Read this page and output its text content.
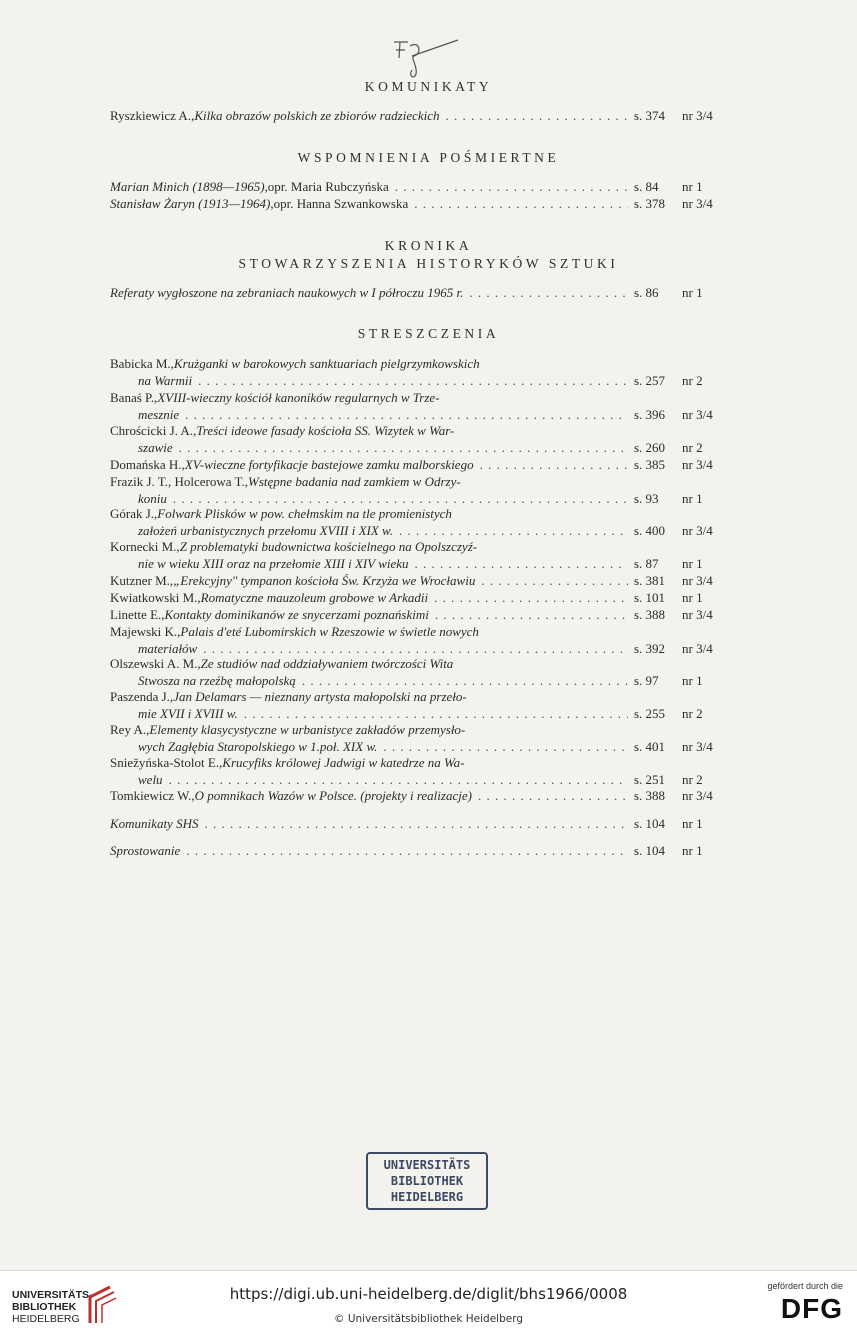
KOMUNIKATY
Ryszkiewicz A., Kilka obrazów polskich ze zbiorów radzieckich . . .	s. 374	nr 3/4
WSPOMNIENIA POŚMIERTNE
Marian Minich (1898—1965), opr. Maria Rubczyńska . . .	s. 84	nr 1
Stanisław Żaryn (1913—1964), opr. Hanna Szwankowska . . .	s. 378	nr 3/4
KRONIKA
STOWARZYSZENIA HISTORYKÓW SZTUKI
Referaty wygłoszone na zebraniach naukowych w I półroczu 1965 r. . . .	s. 86	nr 1
STRESZCZENIA
Babicka M., Krużganki w barokowych sanktuariach pielgrzymkowskich
na Warmii . . .	s. 257	nr 2
Banaś P., XVIII-wieczny kościół kanoników regularnych w Trze-
mesznie . . .	s. 396	nr 3/4
Chrościcki J. A., Treści ideowe fasady kościoła SS. Wizytek w War-
szawie . . .	s. 260	nr 2
Domańska H., XV-wieczne fortyfikacje bastejowe zamku malborskiego . . .	s. 385	nr 3/4
Frazik J. T., Holcerowa T., Wstępne badania nad zamkiem w Odrzy-
koniu . . .	s. 93	nr 1
Górak J., Folwark Plisków w pow. chełmskim na tle promienistych
założeń urbanistycznych przełomu XVIII i XIX w. . . .	s. 400	nr 3/4
Kornecki M., Z problematyki budownictwa kościelnego na Opolszczyź-
nie w wieku XIII oraz na przełomie XIII i XIV wieku . . .	s. 87	nr 1
Kutzner M., „Erekcyjny" tympanon kościoła Św. Krzyża we Wrocławiu . . .	s. 381	nr 3/4
Kwiatkowski M., Romatyczne mauzoleum grobowe w Arkadii . . .	s. 101	nr 1
Linette E., Kontakty dominikanów ze snycerzami poznańskimi . . .	s. 388	nr 3/4
Majewski K., Palais d'eté Lubomirskich w Rzeszowie w świetle nowych
materiałów . . .	s. 392	nr 3/4
Olszewski A. M., Ze studiów nad oddziaływaniem twórczości Wita
Stwosza na rzeźbę małopolską . . .	s. 97	nr 1
Paszenda J., Jan Delamars — nieznany artysta małopolski na przeło-
mie XVII i XVIII w. . . .	s. 255	nr 2
Rey A., Elementy klasycystyczne w urbanistyce zakładów przemysło-
wych Zagłębia Staropolskiego w 1.poł. XIX w. . . .	s. 401	nr 3/4
Sniežyńska-Stolot E., Krucyfiks królowej Jadwigi w katedrze na Wa-
welu . . .	s. 251	nr 2
Tomkiewicz W., O pomnikach Wazów w Polsce. (projekty i realizacje) . . .	s. 388	nr 3/4
Komunikaty SHS . . .	s. 104	nr 1
Sprostowanie . . .	s. 104	nr 1
UNIVERSITÄTS
BIBLIOTHEK
HEIDELBERG
UNIVERSITÄTS-
BIBLIOTHEK
HEIDELBERG
https://digi.ub.uni-heidelberg.de/diglit/bhs1966/0008
© Universitätsbibliothek Heidelberg
gefördert durch die
DFG
